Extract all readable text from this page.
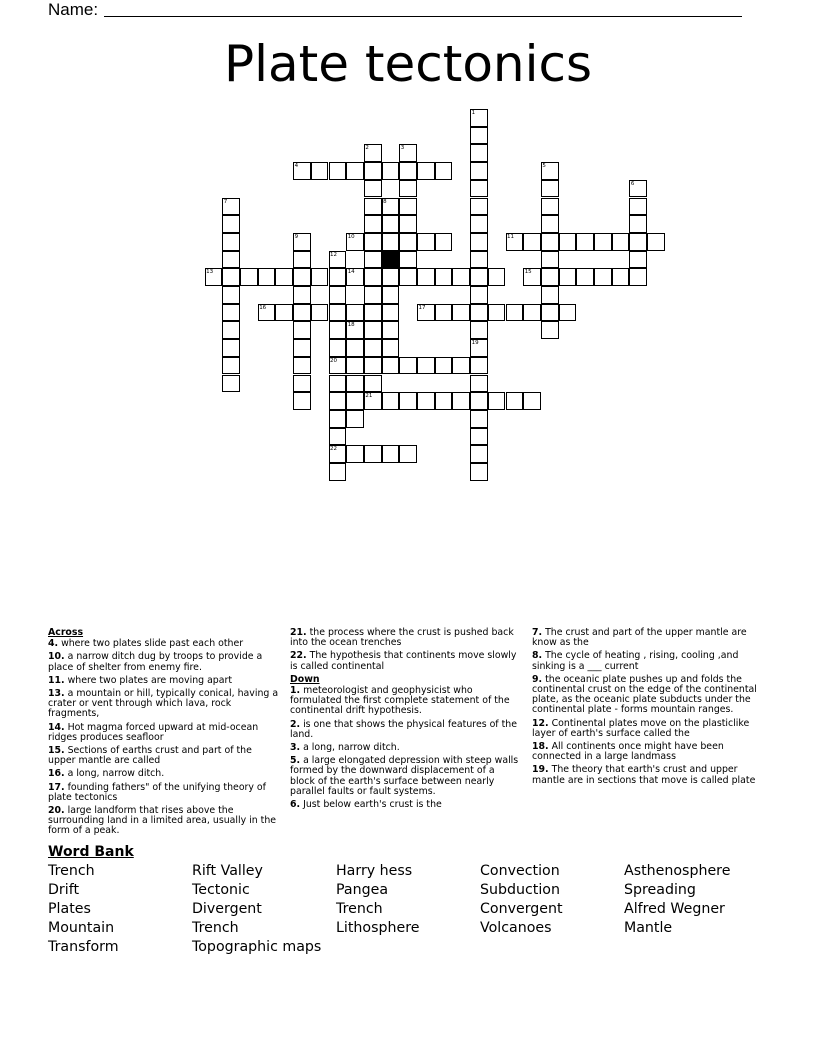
Name:
Plate tectonics
1
19
2
21
3
4	5
6
7	8
9	10	11
12
20
22
13	14	15
16	17
18
Across
4. where two plates slide past each other
10. a narrow ditch dug by troops to provide a place of shelter from enemy fire.
11. where two plates are moving apart
13. a mountain or hill, typically conical, having a crater or vent through which lava, rock fragments,
14. Hot magma forced upward at mid-ocean ridges produces seafloor
15. Sections of earths crust and part of the upper mantle are called
16. a long, narrow ditch.
17. founding fathers" of the unifying theory of plate tectonics
20. large landform that rises above the surrounding land in a limited area, usually in the form of a peak.
21. the process where the crust is pushed back into the ocean trenches
22. The hypothesis that continents move slowly is called continental
Down
1. meteorologist and geophysicist who formulated the first complete statement of the continental drift hypothesis.
2. is one that shows the physical features of the land.
3. a long, narrow ditch.
5. a large elongated depression with steep walls formed by the downward displacement of a block of the earth's surface between nearly parallel faults or fault systems.
6. Just below earth's crust is the
7. The crust and part of the upper mantle are know as the
8. The cycle of heating , rising, cooling ,and sinking is a ___ current
9. the oceanic plate pushes up and folds the continental crust on the edge of the continental plate, as the oceanic plate subducts under the continental plate - forms mountain ranges.
12. Continental plates move on the plasticlike layer of earth's surface called the
18. All continents once might have been connected in a large landmass
19. The theory that earth's crust and upper mantle are in sections that move is called plate
Word Bank
Trench	Rift Valley	Harry hess	Convection	Asthenosphere
Drift	Tectonic	Pangea	Subduction	Spreading
Plates	Divergent	Trench	Convergent	Alfred Wegner
Mountain	Trench	Lithosphere	Volcanoes	Mantle
Transform	Topographic maps
